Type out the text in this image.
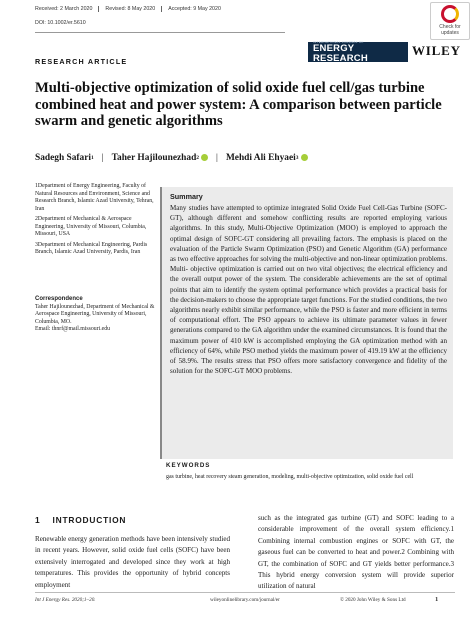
Received: 2 March 2020 Revised: 8 May 2020 Accepted: 9 May 2020
DOI: 10.1002/er.5610
Check for updates
INTERNATIONAL JOURNAL OF
ENERGY RESEARCH
WILEY
RESEARCH ARTICLE
Multi-objective optimization of solid oxide fuel cell/gas turbine combined heat and power system: A comparison between particle swarm and genetic algorithms
Sadegh Safari 1 | Taher Hajilounezhad 2 | Mehdi Ali Ehyaei 3

1Department of Energy Engineering, Faculty of Natural Resources and Environment, Science and Research Branch, Islamic Azad University, Tehran, Iran

2Department of Mechanical & Aerospace Engineering, University of Missouri, Columbia, Missouri, USA

3Department of Mechanical Engineering, Pardis Branch, Islamic Azad University, Pardis, Iran

Correspondence
Taher Hajilounezhad, Department of Mechanical & Aerospace Engineering, University of Missouri, Columbia, MO.
Email: thnrf@mail.missouri.edu
Summary
Many studies have attempted to optimize integrated Solid Oxide Fuel Cell-Gas Turbine (SOFC-GT), although different and somehow conflicting results are reported employing various algorithms. In this study, Multi-Objective Optimization (MOO) is employed to approach the optimal design of SOFC-GT considering all prevailing factors. The emphasis is placed on the evaluation of the Particle Swarm Optimization (PSO) and Genetic Algorithm (GA) performance as two effective approaches for solving the multi-objective and non-linear optimization problems. Multi- objective optimization is carried out on two vital objectives; the electrical efficiency and the overall output power of the system. The considerable achievements are the set of optimal points that aim to identify the system optimal performance which provides a practical basis for the decision-makers to choose the appropriate target functions. For the studied conditions, the two algorithms nearly exhibit similar performance, while the PSO is faster and more efficient in terms of computational effort. The PSO appears to achieve its ultimate parameter values in fewer generations compared to the GA algorithm under the examined circumstances. It is found that the maximum power of 410 kW is accomplished employing the GA optimization method with an efficiency of 64%, while PSO method yields the maximum power of 419.19 kW at the efficiency of 58.9%. The results stress that PSO offers more satisfactory convergence and fidelity of the solution for the SOFC-GT MOO problems.
KEYWORDS
gas turbine, heat recovery steam generation, modeling, multi-objective optimization, solid oxide fuel cell
1 INTRODUCTION
Renewable energy generation methods have been intensively studied in recent years. However, solid oxide fuel cells (SOFC) have been extensively interrogated and developed since they work at high temperatures. This provides the opportunity of hybrid concepts employment
such as the integrated gas turbine (GT) and SOFC leading to a considerable improvement of the overall system efficiency.1 Combining internal combustion engines or SOFC with GT, the gaseous fuel can be converted to heat and power.2 Combining with GT, the combination of SOFC and GT yields better performance.3 This hybrid energy conversion system will provide superior utilization of natural
Int J Energy Res. 2020;1–20.	wileyonlinelibrary.com/journal/er	© 2020 John Wiley & Sons Ltd	1
